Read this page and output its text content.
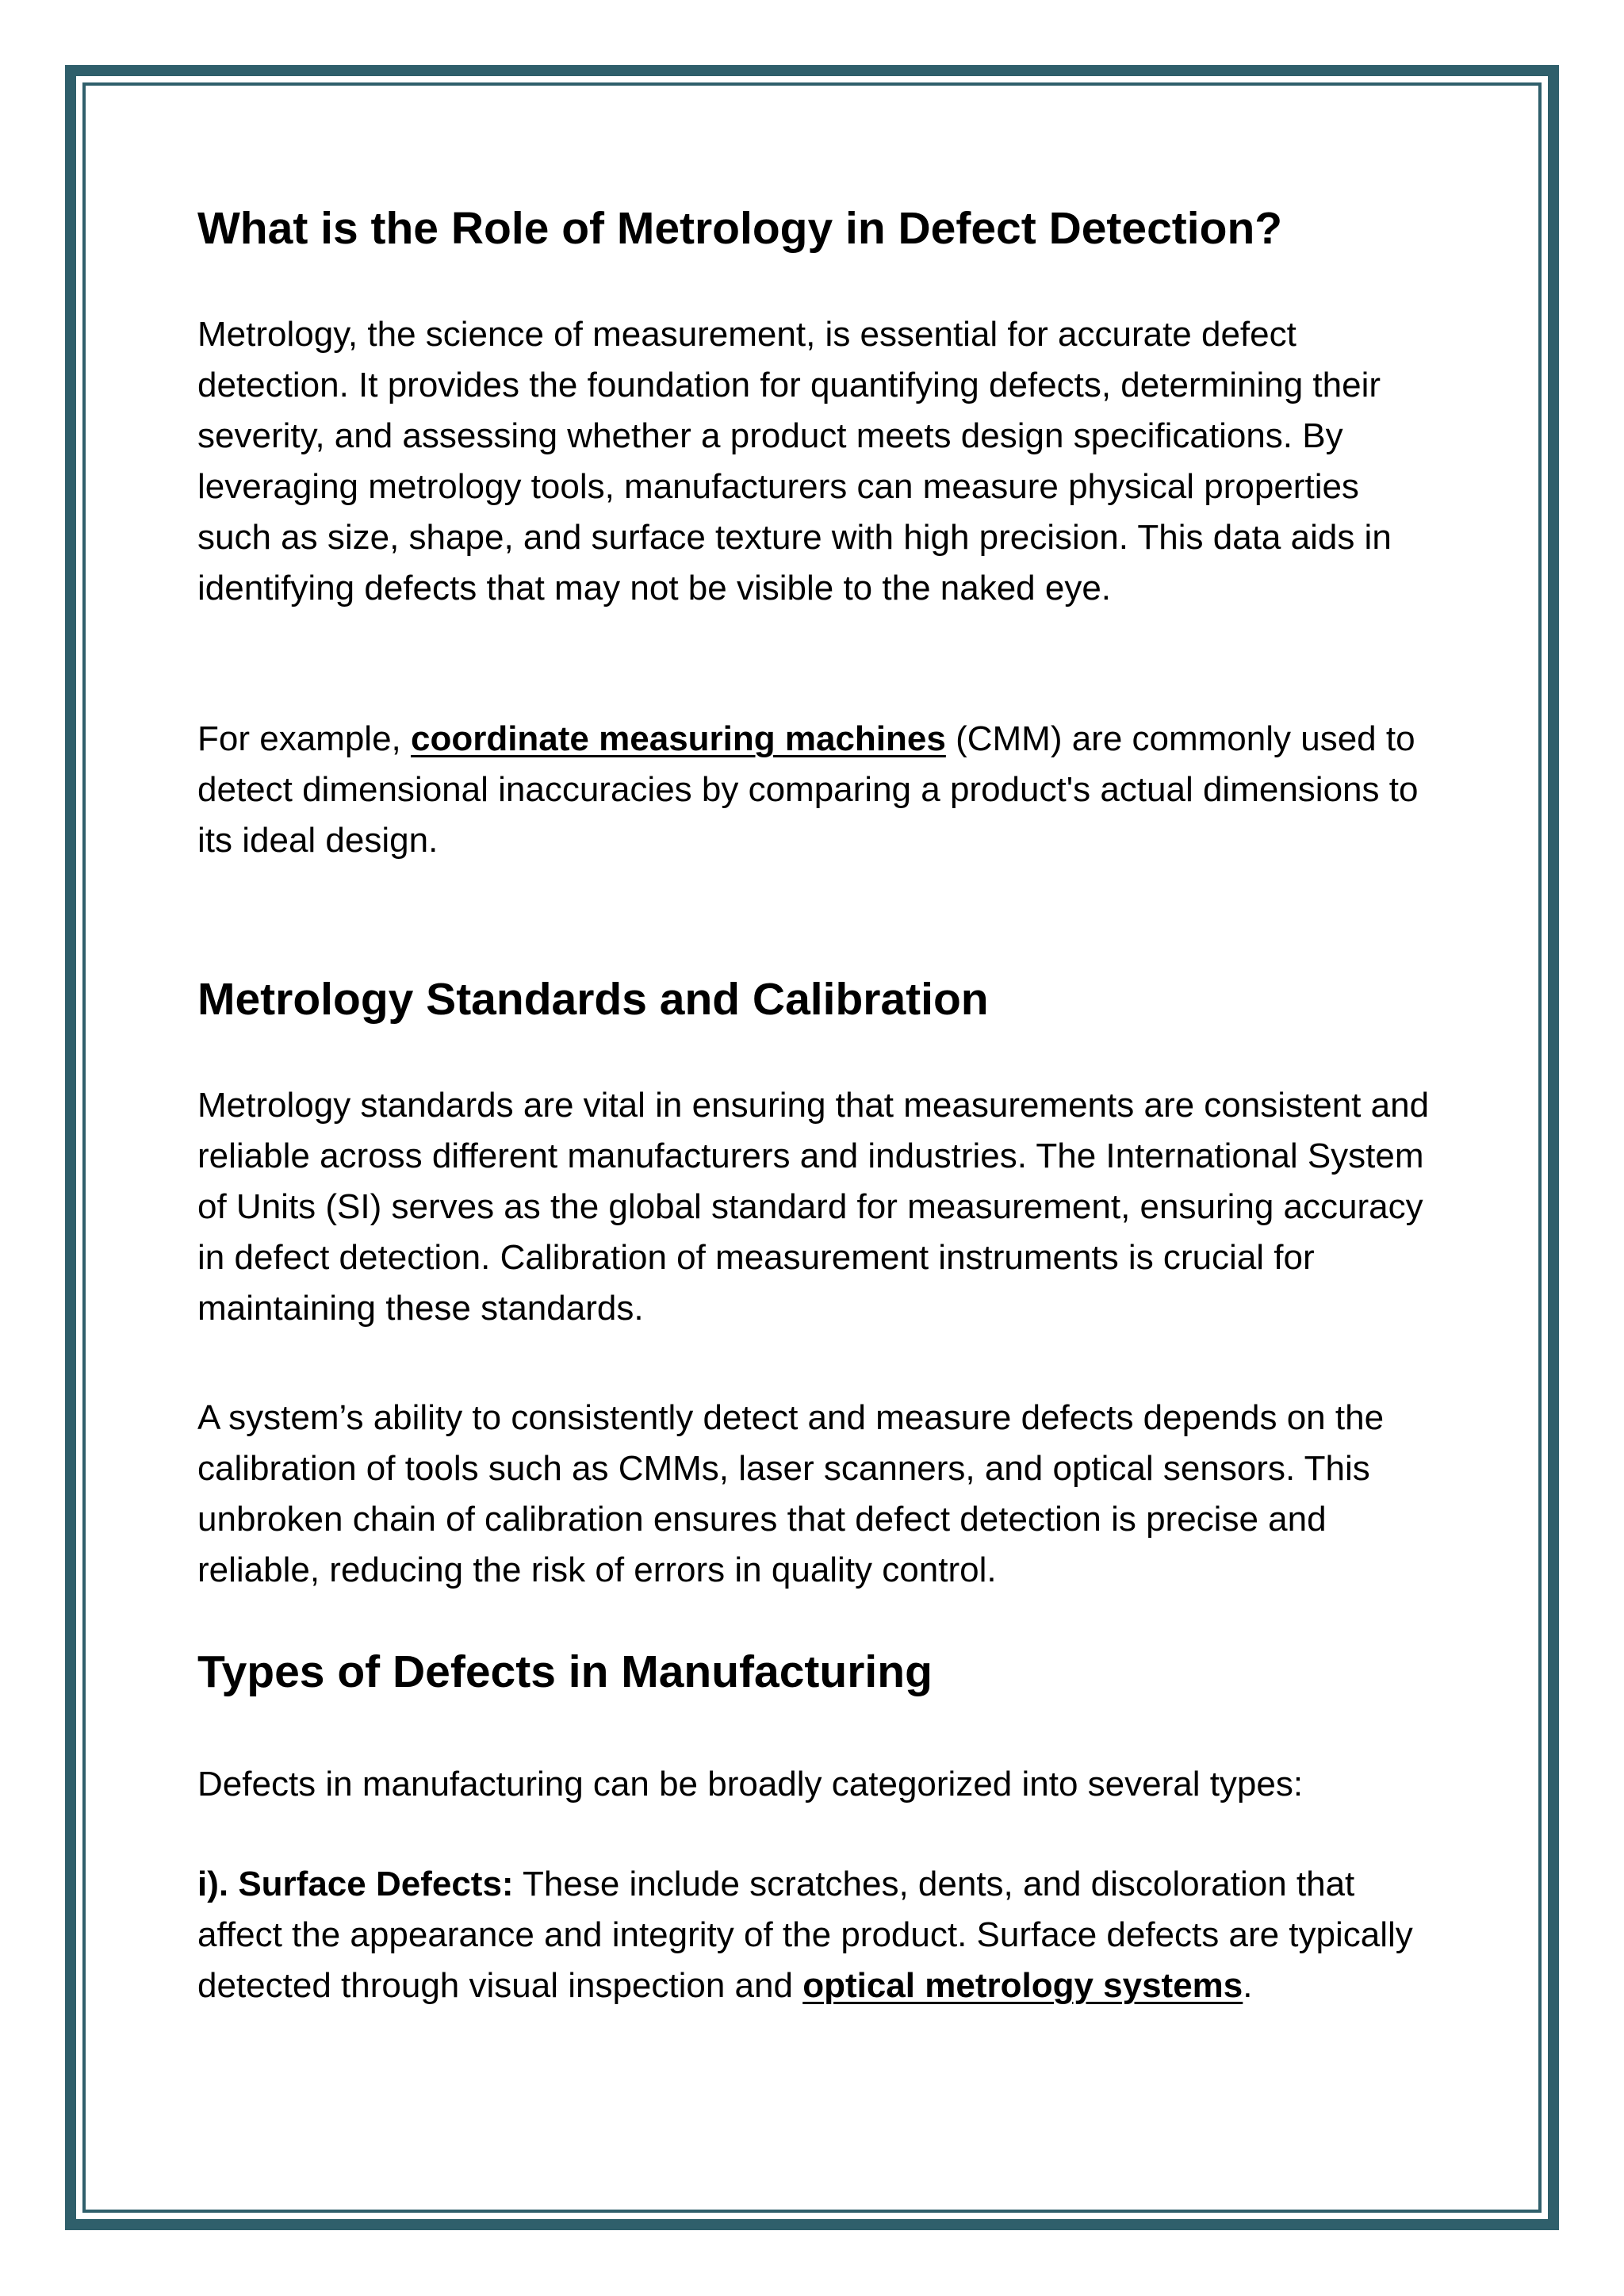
What is the Role of Metrology in Defect Detection?

Metrology, the science of measurement, is essential for accurate defect detection. It provides the foundation for quantifying defects, determining their severity, and assessing whether a product meets design specifications. By leveraging metrology tools, manufacturers can measure physical properties such as size, shape, and surface texture with high precision. This data aids in identifying defects that may not be visible to the naked eye.

For example, coordinate measuring machines (CMM) are commonly used to detect dimensional inaccuracies by comparing a product's actual dimensions to its ideal design.

Metrology Standards and Calibration

Metrology standards are vital in ensuring that measurements are consistent and reliable across different manufacturers and industries. The International System of Units (SI) serves as the global standard for measurement, ensuring accuracy in defect detection. Calibration of measurement instruments is crucial for maintaining these standards.

A system’s ability to consistently detect and measure defects depends on the calibration of tools such as CMMs, laser scanners, and optical sensors. This unbroken chain of calibration ensures that defect detection is precise and reliable, reducing the risk of errors in quality control.

Types of Defects in Manufacturing

Defects in manufacturing can be broadly categorized into several types:

i). Surface Defects: These include scratches, dents, and discoloration that affect the appearance and integrity of the product. Surface defects are typically detected through visual inspection and optical metrology systems.
